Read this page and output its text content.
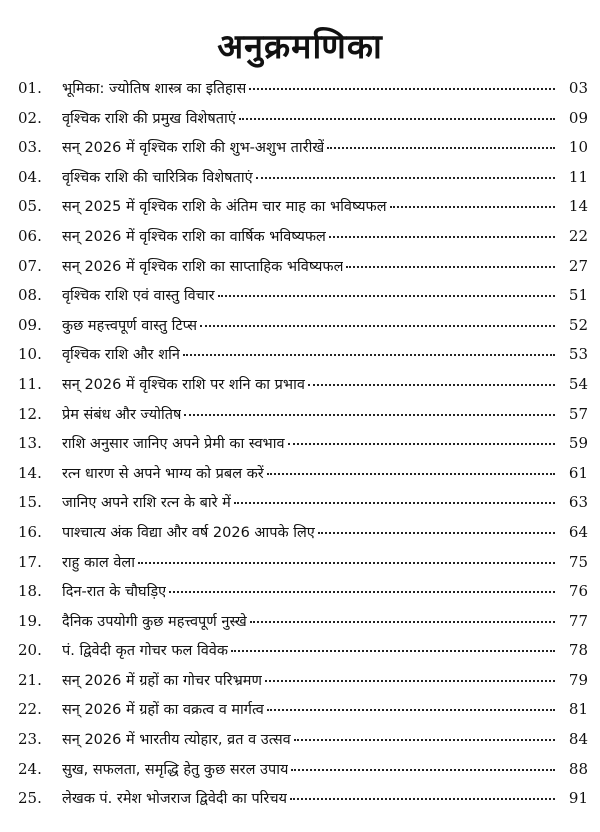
अनुक्रमणिका
01.	भूमिका: ज्योतिष शास्त्र का इतिहास	03
02.	वृश्चिक राशि की प्रमुख विशेषताएं	09
03.	सन् 2026 में वृश्चिक राशि की शुभ-अशुभ तारीखें	10
04.	वृश्चिक राशि की चारित्रिक विशेषताएं	11
05.	सन् 2025 में वृश्चिक राशि के अंतिम चार माह का भविष्यफल	14
06.	सन् 2026 में वृश्चिक राशि का वार्षिक भविष्यफल	22
07.	सन् 2026 में वृश्चिक राशि का साप्ताहिक भविष्यफल	27
08.	वृश्चिक राशि एवं वास्तु विचार	51
09.	कुछ महत्त्वपूर्ण वास्तु टिप्स	52
10.	वृश्चिक राशि और शनि	53
11.	सन् 2026 में वृश्चिक राशि पर शनि का प्रभाव	54
12.	प्रेम संबंध और ज्योतिष	57
13.	राशि अनुसार जानिए अपने प्रेमी का स्वभाव	59
14.	रत्न धारण से अपने भाग्य को प्रबल करें	61
15.	जानिए अपने राशि रत्न के बारे में	63
16.	पाश्चात्य अंक विद्या और वर्ष 2026 आपके लिए	64
17.	राहु काल वेला	75
18.	दिन-रात के चौघड़िए	76
19.	दैनिक उपयोगी कुछ महत्त्वपूर्ण नुस्खे	77
20.	पं. द्विवेदी कृत गोचर फल विवेक	78
21.	सन् 2026 में ग्रहों का गोचर परिभ्रमण	79
22.	सन् 2026 में ग्रहों का वक्रत्व व मार्गत्व	81
23.	सन् 2026 में भारतीय त्योहार, व्रत व उत्सव	84
24.	सुख, सफलता, समृद्धि हेतु कुछ सरल उपाय	88
25.	लेखक पं. रमेश भोजराज द्विवेदी का परिचय	91
